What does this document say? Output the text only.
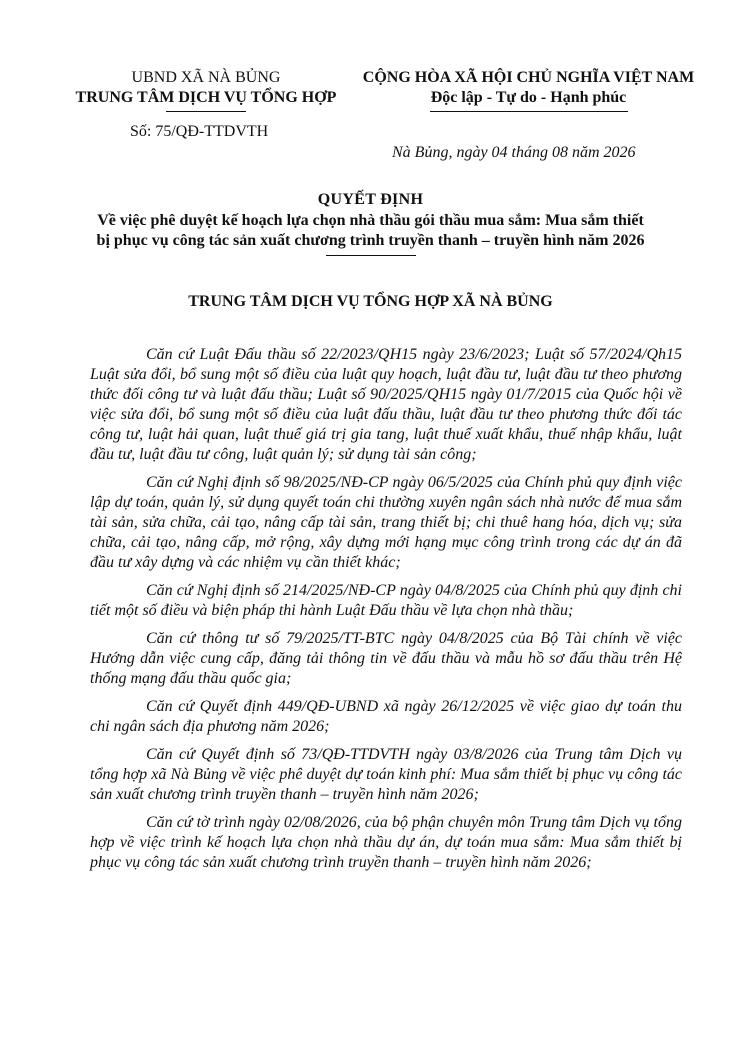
UBND XÃ NÀ BỦNG
TRUNG TÂM DỊCH VỤ TỔNG HỢP
Số: 75/QĐ-TTDVTH
CỘNG HÒA XÃ HỘI CHỦ NGHĨA VIỆT NAM
Độc lập - Tự do - Hạnh phúc
Nà Bủng, ngày 04 tháng 08 năm 2026
QUYẾT ĐỊNH
Về việc phê duyệt kế hoạch lựa chọn nhà thầu gói thầu mua sắm: Mua sắm thiết bị phục vụ công tác sản xuất chương trình truyền thanh – truyền hình năm 2026
TRUNG TÂM DỊCH VỤ TỔNG HỢP XÃ NÀ BỦNG

Căn cứ Luật Đấu thầu số 22/2023/QH15 ngày 23/6/2023; Luật số 57/2024/Qh15 Luật sửa đổi, bổ sung một số điều của luật quy hoạch, luật đầu tư, luật đầu tư theo phương thức đối công tư và luật đấu thầu; Luật số 90/2025/QH15 ngày 01/7/2015 của Quốc hội về việc sửa đổi, bổ sung một số điều của luật đấu thầu, luật đầu tư theo phương thức đối tác công tư, luật hải quan, luật thuế giá trị gia tang, luật thuế xuất khẩu, thuế nhập khẩu, luật đầu tư, luật đầu tư công, luật quản lý; sử dụng tài sản công;

Căn cứ Nghị định số 98/2025/NĐ-CP ngày 06/5/2025 của Chính phủ quy định việc lập dự toán, quản lý, sử dụng quyết toán chi thường xuyên ngân sách nhà nước để mua sắm tài sản, sửa chữa, cải tạo, nâng cấp tài sản, trang thiết bị; chi thuê hang hóa, dịch vụ; sửa chữa, cải tạo, nâng cấp, mở rộng, xây dựng mới hạng mục công trình trong các dự án đã đầu tư xây dựng và các nhiệm vụ cần thiết khác;

Căn cứ Nghị định số 214/2025/NĐ-CP ngày 04/8/2025 của Chính phủ quy định chi tiết một số điều và biện pháp thi hành Luật Đấu thầu về lựa chọn nhà thầu;

Căn cứ thông tư số 79/2025/TT-BTC ngày 04/8/2025 của Bộ Tài chính về việc Hướng dẫn việc cung cấp, đăng tải thông tin về đấu thầu và mẫu hồ sơ đấu thầu trên Hệ thống mạng đấu thầu quốc gia;

Căn cứ Quyết định 449/QĐ-UBND xã ngày 26/12/2025 về việc giao dự toán thu chi ngân sách địa phương năm 2026;

Căn cứ Quyết định số 73/QĐ-TTDVTH ngày 03/8/2026 của Trung tâm Dịch vụ tổng hợp xã Nà Bủng về việc phê duyệt dự toán kinh phí: Mua sắm thiết bị phục vụ công tác sản xuất chương trình truyền thanh – truyền hình năm 2026;

Căn cứ tờ trình ngày 02/08/2026, của bộ phận chuyên môn Trung tâm Dịch vụ tổng hợp về việc trình kế hoạch lựa chọn nhà thầu dự án, dự toán mua sắm: Mua sắm thiết bị phục vụ công tác sản xuất chương trình truyền thanh – truyền hình năm 2026;
